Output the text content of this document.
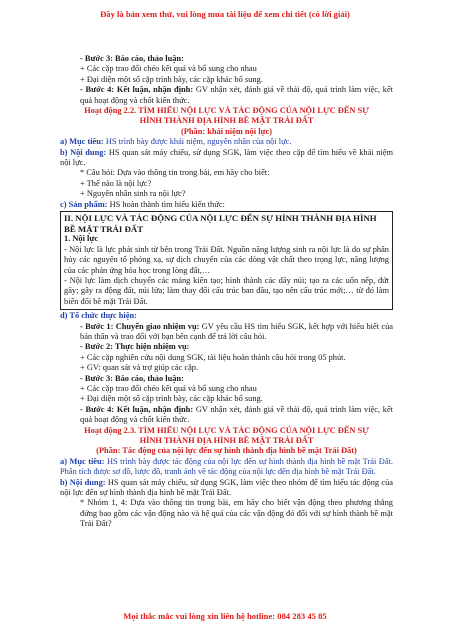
Đây là bản xem thử, vui lòng mua tài liệu để xem chi tiết (có lời giải)

- Bước 3: Báo cáo, thảo luận:

+ Các cặp trao đổi chéo kết quả và bổ sung cho nhau

+ Đại diện một số cặp trình bày, các cặp khác bổ sung.

- Bước 4: Kết luận, nhận định: GV nhận xét, đánh giá về thái độ, quá trình làm việc, kết quả hoạt động và chốt kiến thức.

Hoạt động 2.2. TÌM HIỂU NỘI LỰC VÀ TÁC ĐỘNG CỦA NỘI LỰC ĐẾN SỰ

HÌNH THÀNH ĐỊA HÌNH BỀ MẶT TRÁI ĐẤT

(Phần: khái niệm nội lực)

a) Mục tiêu: HS trình bày được khái niệm, nguyên nhân của nội lực.

b) Nội dung: HS quan sát máy chiếu, sử dụng SGK, làm việc theo cặp để tìm hiểu về khái niệm nội lực.

* Câu hỏi: Dựa vào thông tin trong bài, em hãy cho biết:

+ Thế nào là nội lực?

+ Nguyên nhân sinh ra nội lực?

c) Sản phẩm: HS hoàn thành tìm hiểu kiến thức:

II. NỘI LỰC VÀ TÁC ĐỘNG CỦA NỘI LỰC ĐẾN SỰ HÌNH THÀNH ĐỊA HÌNH

BỀ MẶT TRÁI ĐẤT

1. Nội lực

- Nội lực là lực phát sinh từ bên trong Trái Đất. Nguồn năng lượng sinh ra nội lực là do sự phân hủy các nguyên tố phóng xạ, sự dịch chuyển của các dòng vật chất theo trọng lực, năng lượng của các phản ứng hóa học trong lòng đất,…

- Nội lực làm dịch chuyển các mảng kiến tạo; hình thành các dãy núi; tạo ra các uốn nếp, đứt gãy; gây ra động đất, núi lửa; làm thay đổi cấu trúc ban đầu, tạo nên cấu trúc mới;… từ đó làm biến đổi bề mặt Trái Đất.

d) Tổ chức thực hiện:

- Bước 1: Chuyển giao nhiệm vụ: GV yêu cầu HS tìm hiểu SGK, kết hợp với hiểu biết của bản thân và trao đổi với bạn bên cạnh để trả lời câu hỏi.

- Bước 2: Thực hiện nhiệm vụ:

+ Các cặp nghiên cứu nội dung SGK, tài liệu hoàn thành câu hỏi trong 05 phút.

+ GV: quan sát và trợ giúp các cặp.

- Bước 3: Báo cáo, thảo luận:

+ Các cặp trao đổi chéo kết quả và bổ sung cho nhau

+ Đại diện một số cặp trình bày, các cặp khác bổ sung.

- Bước 4: Kết luận, nhận định: GV nhận xét, đánh giá về thái độ, quá trình làm việc, kết quả hoạt động và chốt kiến thức.

Hoạt động 2.3. TÌM HIỂU NỘI LỰC VÀ TÁC ĐỘNG CỦA NỘI LỰC ĐẾN SỰ

HÌNH THÀNH ĐỊA HÌNH BỀ MẶT TRÁI ĐẤT

(Phần: Tác động của nội lực đến sự hình thành địa hình bề mặt Trái Đất)

a) Mục tiêu: HS trình bày được tác động của nội lực đến sự hình thành địa hình bề mặt Trái Đất. Phân tích được sơ đồ, lược đồ, tranh ảnh về tác động của nội lực đến địa hình bề mặt Trái Đất.

b) Nội dung: HS quan sát máy chiếu, sử dụng SGK, làm việc theo nhóm để tìm hiểu tác động của nội lực đến sự hình thành địa hình bề mặt Trái Đất.

* Nhóm 1, 4: Dựa vào thông tin trong bài, em hãy cho biết vận động theo phương thẳng đứng bao gồm các vận động nào và hệ quả của các vận động đó đối với sự hình thành bề mặt Trái Đất?

Mọi thắc mắc vui lòng xin liên hệ hotline: 084 283 45 85
